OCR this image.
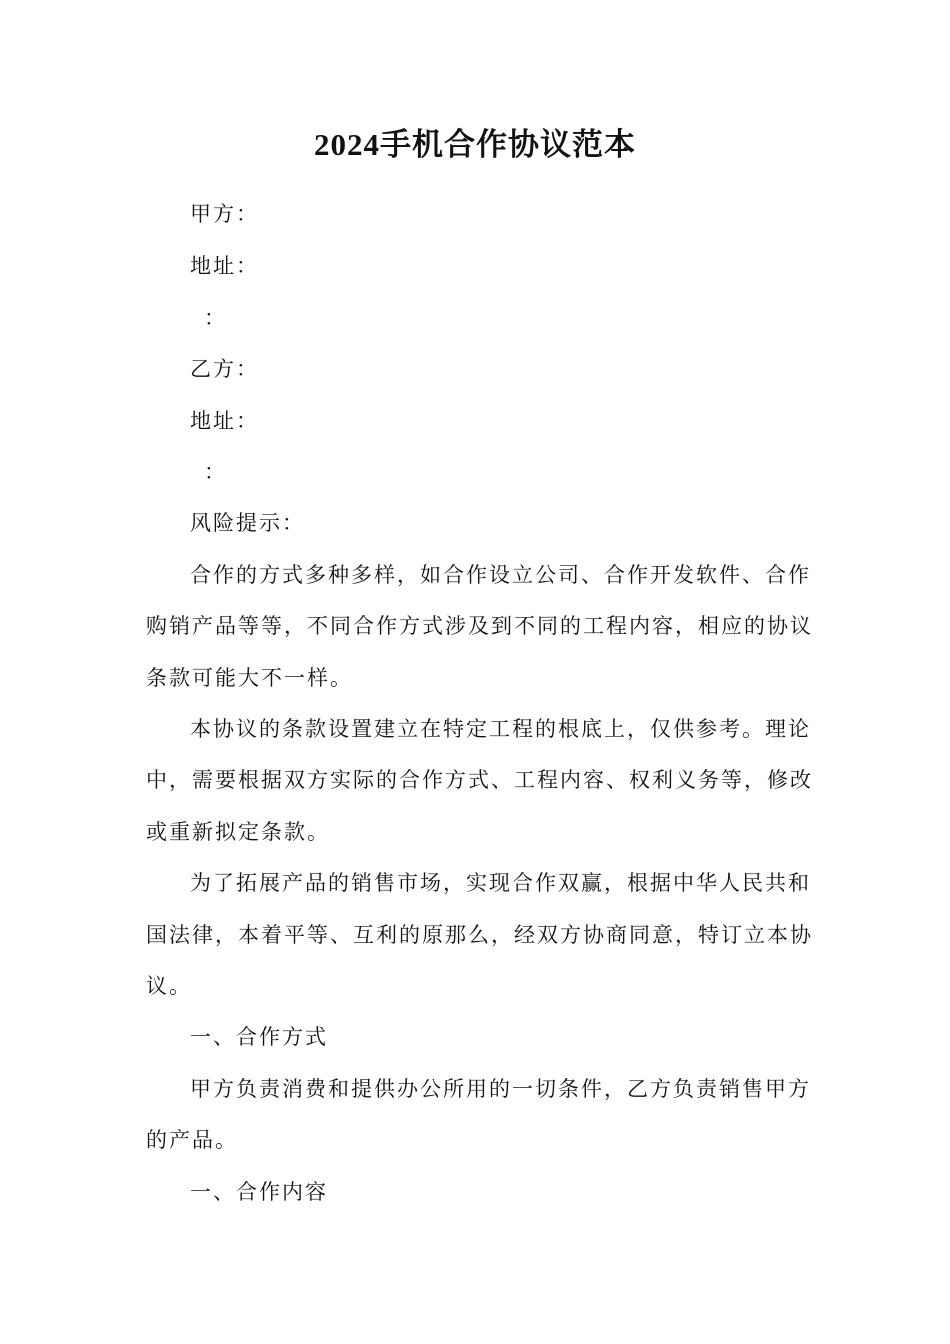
2024手机合作协议范本
甲方：
地址：
：
乙方：
地址：
：
风险提示：
合作的方式多种多样，如合作设立公司、合作开发软件、合作
购销产品等等，不同合作方式涉及到不同的工程内容，相应的协议
条款可能大不一样。
本协议的条款设置建立在特定工程的根底上，仅供参考。理论
中，需要根据双方实际的合作方式、工程内容、权利义务等，修改
或重新拟定条款。
为了拓展产品的销售市场，实现合作双赢，根据中华人民共和
国法律，本着平等、互利的原那么，经双方协商同意，特订立本协
议。
一、合作方式
甲方负责消费和提供办公所用的一切条件，乙方负责销售甲方
的产品。
一、合作内容
